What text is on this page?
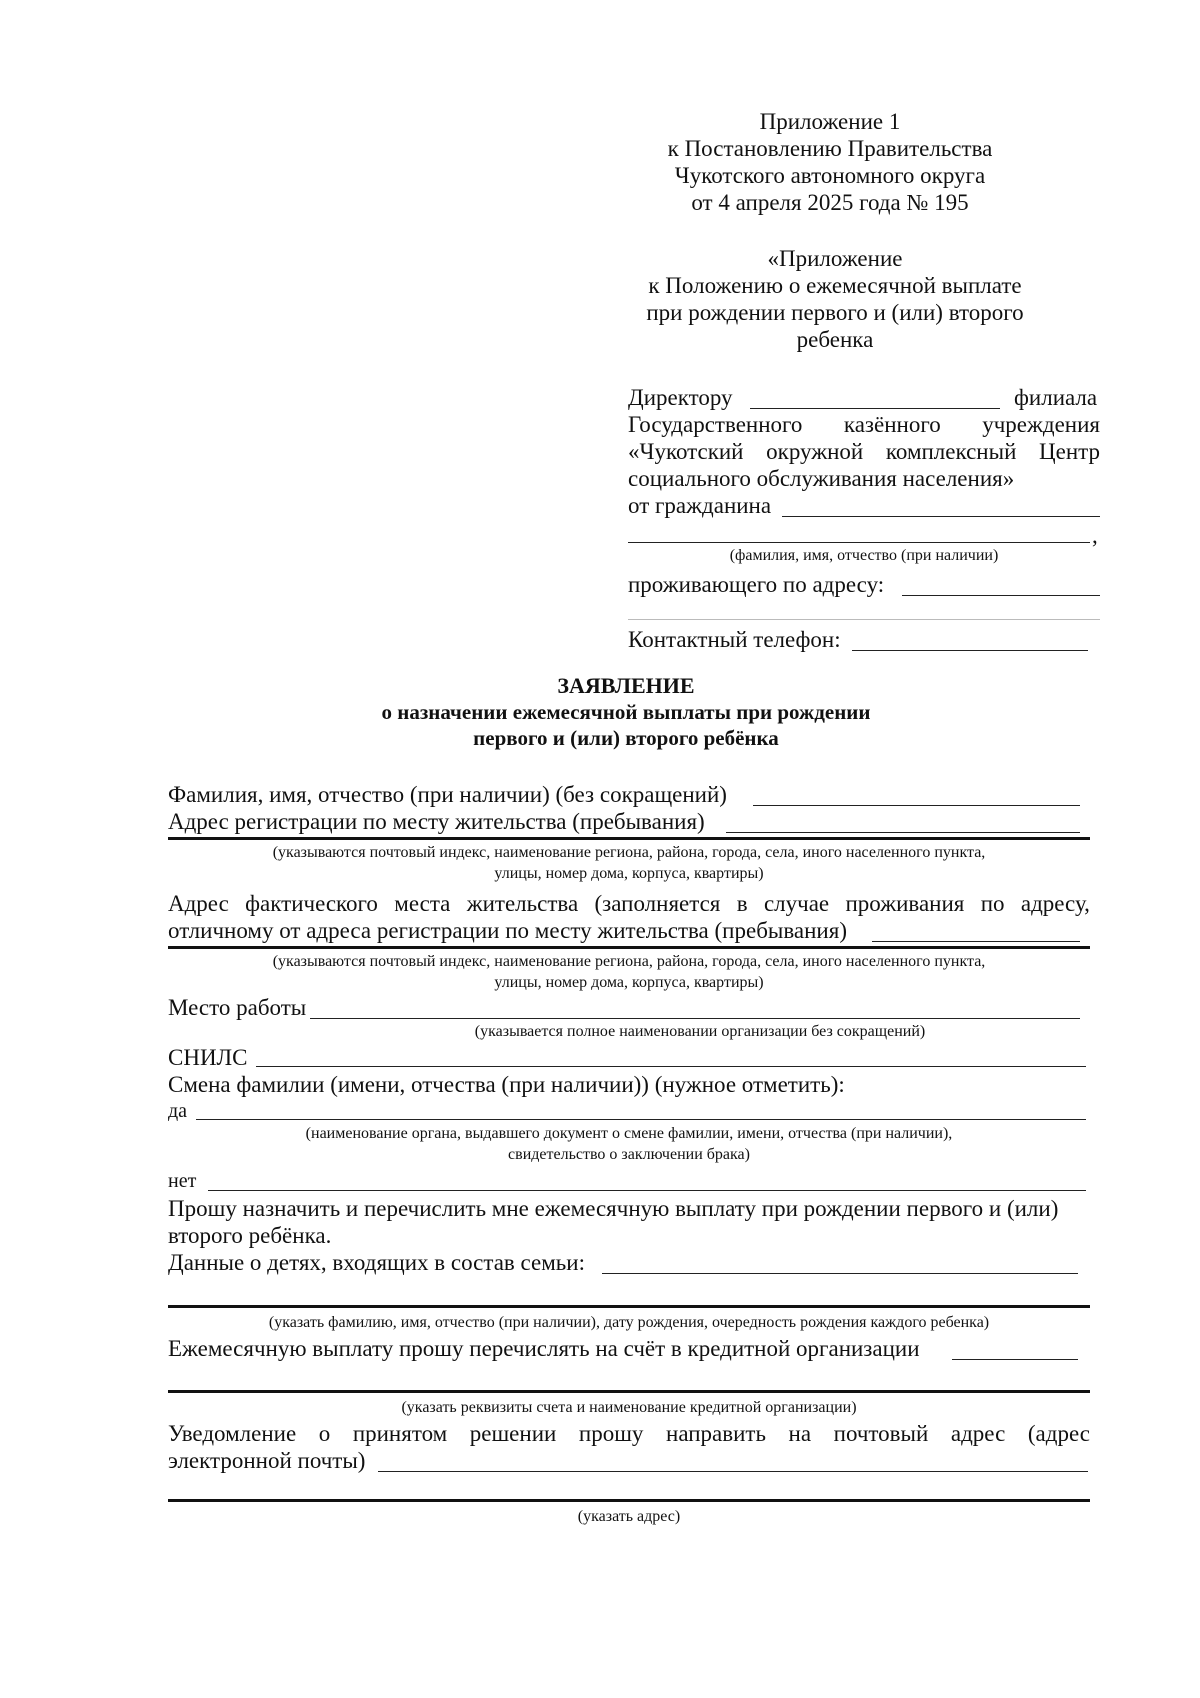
Приложение 1
к Постановлению Правительства
Чукотского автономного округа
от 4 апреля 2025 года № 195
«Приложение
к Положению о ежемесячной выплате
при рождении первого и (или) второго
ребенка
Директору	филиала
Государственного казённого учреждения
«Чукотский окружной комплексный Центр
социального обслуживания населения»
от гражданина
,
(фамилия, имя, отчество (при наличии)
проживающего по адресу:
Контактный телефон:
ЗАЯВЛЕНИЕ
о назначении ежемесячной выплаты при рождении
первого и (или) второго ребёнка
Фамилия, имя, отчество (при наличии) (без сокращений)
Адрес регистрации по месту жительства (пребывания)
(указываются почтовый индекс, наименование региона, района, города, села, иного населенного пункта,
улицы, номер дома, корпуса, квартиры)
Адрес фактического места жительства (заполняется в случае проживания по адресу,
отличному от адреса регистрации по месту жительства (пребывания)
(указываются почтовый индекс, наименование региона, района, города, села, иного населенного пункта,
улицы, номер дома, корпуса, квартиры)
Место работы
(указывается полное наименовании организации без сокращений)
СНИЛС
Смена фамилии (имени, отчества (при наличии)) (нужное отметить):
да
(наименование органа, выдавшего документ о смене фамилии, имени, отчества (при наличии),
свидетельство о заключении брака)
нет
Прошу назначить и перечислить мне ежемесячную выплату при рождении первого и (или)
второго ребёнка.
Данные о детях, входящих в состав семьи:
(указать фамилию, имя, отчество (при наличии), дату рождения, очередность рождения каждого ребенка)
Ежемесячную выплату прошу перечислять на счёт в кредитной организации
(указать реквизиты счета и наименование кредитной организации)
Уведомление о принятом решении прошу направить на почтовый адрес (адрес
электронной почты)
(указать адрес)
